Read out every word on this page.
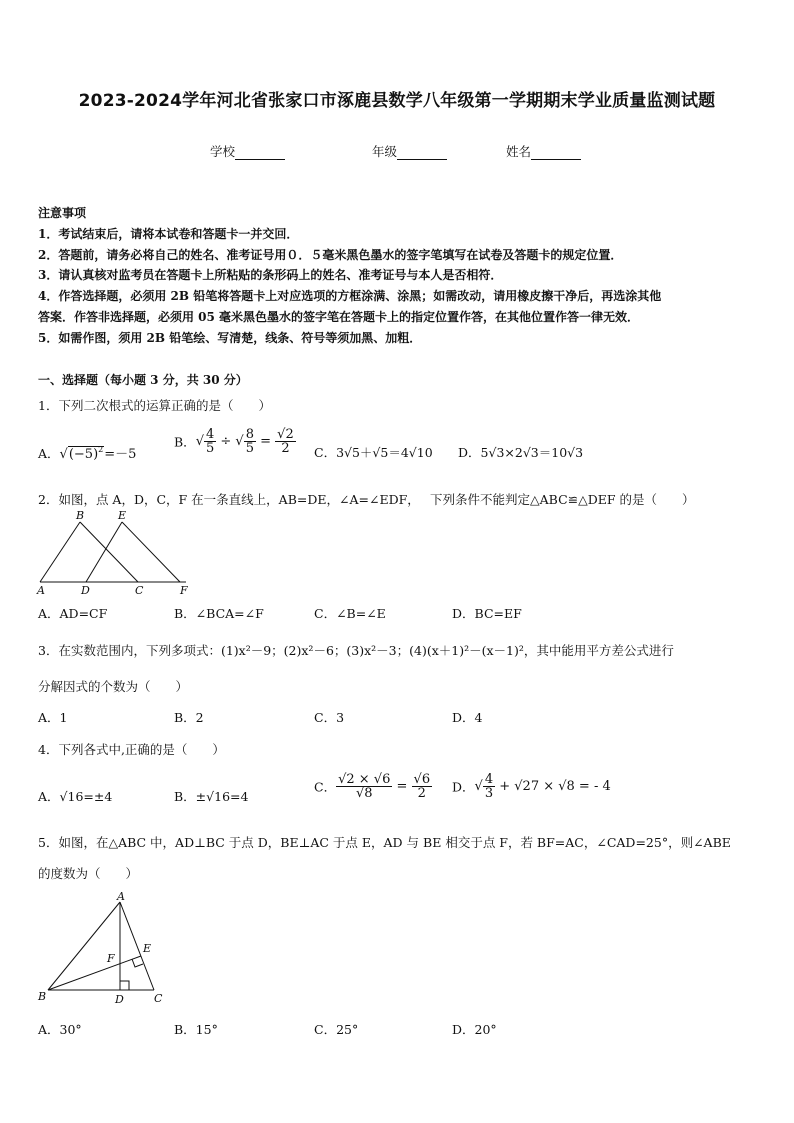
2023-2024学年河北省张家口市涿鹿县数学八年级第一学期期末学业质量监测试题
学校	年级	姓名
注意事项
1．考试结束后，请将本试卷和答题卡一并交回．
2．答题前，请务必将自己的姓名、准考证号用０．５毫米黑色墨水的签字笔填写在试卷及答题卡的规定位置．
3．请认真核对监考员在答题卡上所粘贴的条形码上的姓名、准考证号与本人是否相符．
4．作答选择题，必须用 2B 铅笔将答题卡上对应选项的方框涂满、涂黑；如需改动，请用橡皮擦干净后，再选涂其他
答案．作答非选择题，必须用 05 毫米黑色墨水的签字笔在答题卡上的指定位置作答，在其他位置作答一律无效．
5．如需作图，须用 2B 铅笔绘、写清楚，线条、符号等须加黑、加粗．
一、选择题（每小题 3 分，共 30 分）
1．下列二次根式的运算正确的是（　　）
A．$√(-5)^2=-5$
B．√ $\frac{4}{5}$ ÷ √ $\frac{8}{5} = \frac{√2}{2}$ C．3√5＋√5＝4√10 D．5√3×2√3＝10√3
2．如图，点 A，D，C，F 在一条直线上，AB=DE，∠A=∠EDF，　 下列条件不能判定△ABC≌△DEF 的是（　　）
B	E
A	D	C	F
A．AD=CF	B．∠BCA=∠F	C．∠B=∠E	D．BC=EF
3．在实数范围内，下列多项式：(1)x²－9；(2)x²－6；(3)x²－3；(4)(x＋1)²－(x－1)²，其中能用平方差公式进行
分解因式的个数为（　　）
A．1	B．2	C．3	D．4
4．下列各式中,正确的是（　　）
A．√16=±4	B．±√16=4
C． $\frac{√2 \times √6}{√8} = \frac{√6}{2}$ D．√ $\frac{4}{3} + √27 \times √8$ = - 4
5．如图，在△ABC 中，AD⊥BC 于点 D，BE⊥AC 于点 E，AD 与 BE 相交于点 F，若 BF=AC，∠CAD=25°，则∠ABE
的度数为（　　）
A
E
F
B	D	C
A．30°	B．15°	C．25°	D．20°
